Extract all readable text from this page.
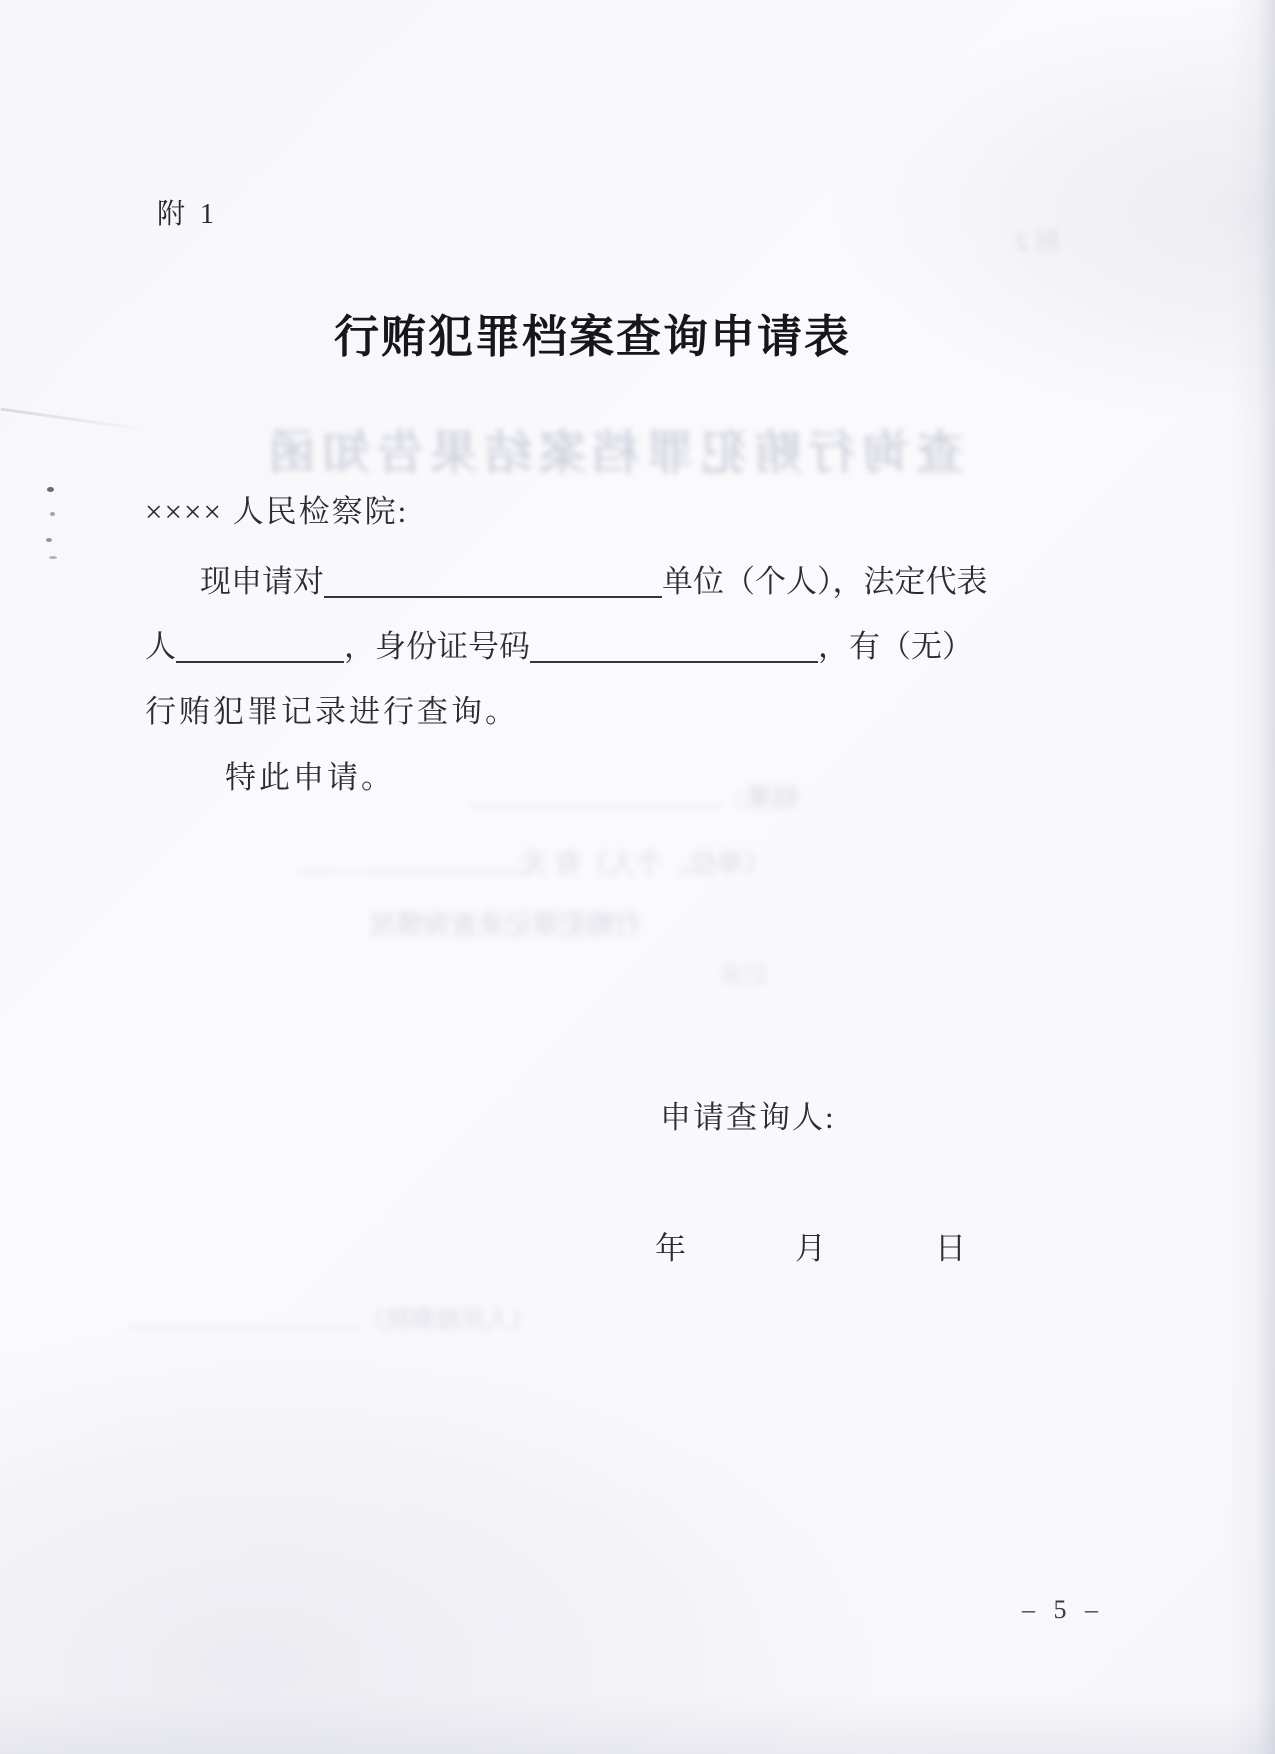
附 2
查询行贿犯罪档案结果告知函
结果：
（单位、个人）有 无
行贿犯罪记录查询情况
记录
（人民检察院）
附 1
行贿犯罪档案查询申请表
×××× 人民检察院:
现申请对	单位（个人），法定代表
人	，身份证号码	，有（无）
行贿犯罪记录进行查询。
特此申请。
申请查询人:
年	月	日
– 5 –
